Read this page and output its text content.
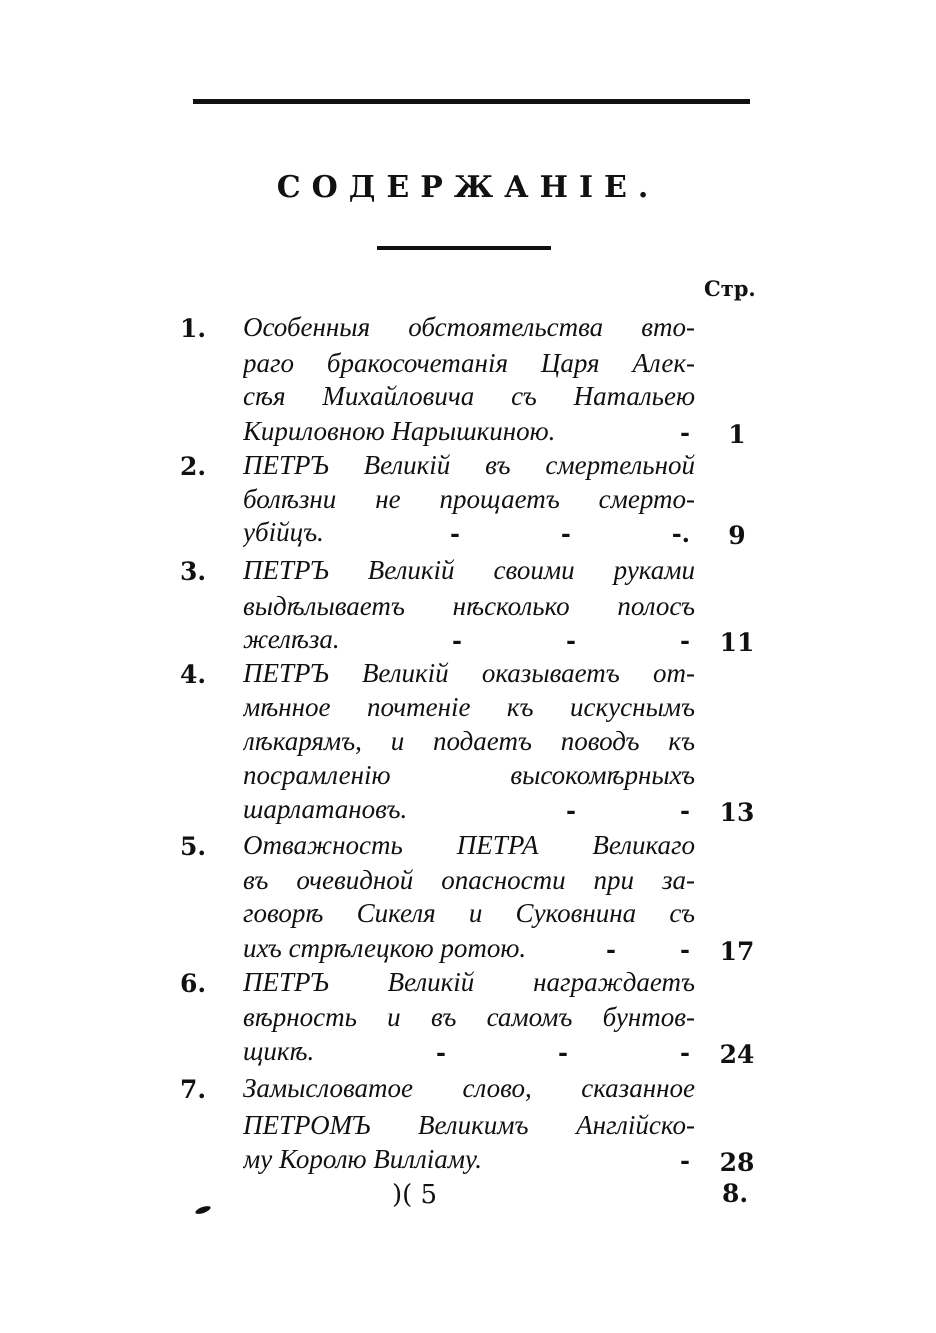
СОДЕРЖАНІЕ.
Стр.
1.	Особенныя обстоятельства вто-
раго бракосочетанія Царя Алек-
сѣя Михайловича съ Натальею
Кириловною Нарышкиною.	-	1
2.	ПЕТРЪ Великій въ смертельной
болѣзни не прощаетъ смерто-
убійцъ.	-	-	-.	9
3.	ПЕТРЪ Великій своими руками
выдѣлываетъ нѣсколько полосъ
желѣза.	-	-	-	11
4.	ПЕТРЪ Великій оказываетъ от-
мѣнное почтеніе къ искуснымъ
лѣкарямъ, и подаетъ поводъ къ
посрамленію высокомѣрныхъ
шарлатановъ.	-	-	13
5.	Отважность ПЕТРА Великаго
въ очевидной опасности при за-
говорѣ Сикеля и Суковнина съ
ихъ стрѣлецкою ротою.	-	-	17
6.	ПЕТРЪ Великій награждаетъ
вѣрность и въ самомъ бунтов-
щикѣ.	-	-	-	24
7.	Замысловатое слово, сказанное
ПЕТРОМЪ Великимъ Англійско-
му Королю Вилліаму.	-	28
)( 5	8.
